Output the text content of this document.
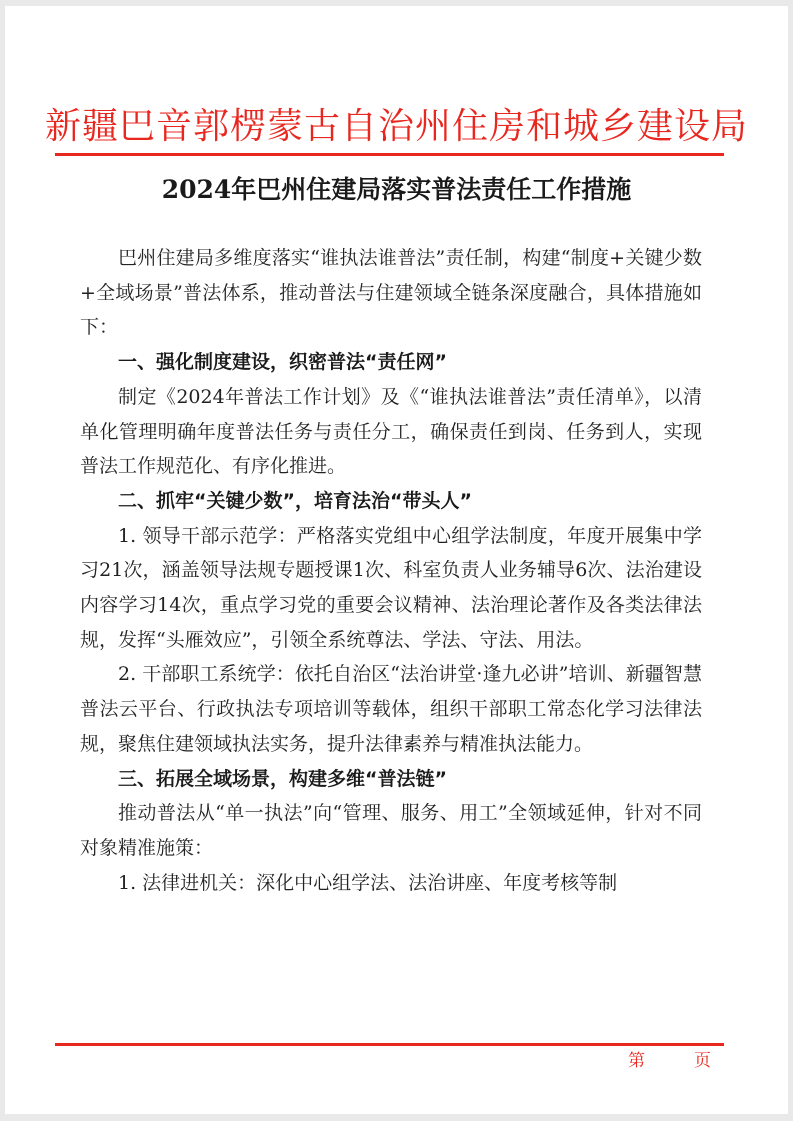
新疆巴音郭楞蒙古自治州住房和城乡建设局
2024年巴州住建局落实普法责任工作措施

巴州住建局多维度落实“谁执法谁普法”责任制，构建“制度+关键少数+全域场景”普法体系，推动普法与住建领域全链条深度融合，具体措施如下：

一、强化制度建设，织密普法“责任网”

制定《2024年普法工作计划》及《“谁执法谁普法”责任清单》，以清单化管理明确年度普法任务与责任分工，确保责任到岗、任务到人，实现普法工作规范化、有序化推进。

二、抓牢“关键少数”，培育法治“带头人”

1. 领导干部示范学：严格落实党组中心组学法制度，年度开展集中学习21次，涵盖领导法规专题授课1次、科室负责人业务辅导6次、法治建设内容学习14次，重点学习党的重要会议精神、法治理论著作及各类法律法规，发挥“头雁效应”，引领全系统尊法、学法、守法、用法。

2. 干部职工系统学：依托自治区“法治讲堂·逢九必讲”培训、新疆智慧普法云平台、行政执法专项培训等载体，组织干部职工常态化学习法律法规，聚焦住建领域执法实务，提升法律素养与精准执法能力。

三、拓展全域场景，构建多维“普法链”

推动普法从“单一执法”向“管理、服务、用工”全领域延伸，针对不同对象精准施策：

1. 法律进机关：深化中心组学法、法治讲座、年度考核等制

第	页
